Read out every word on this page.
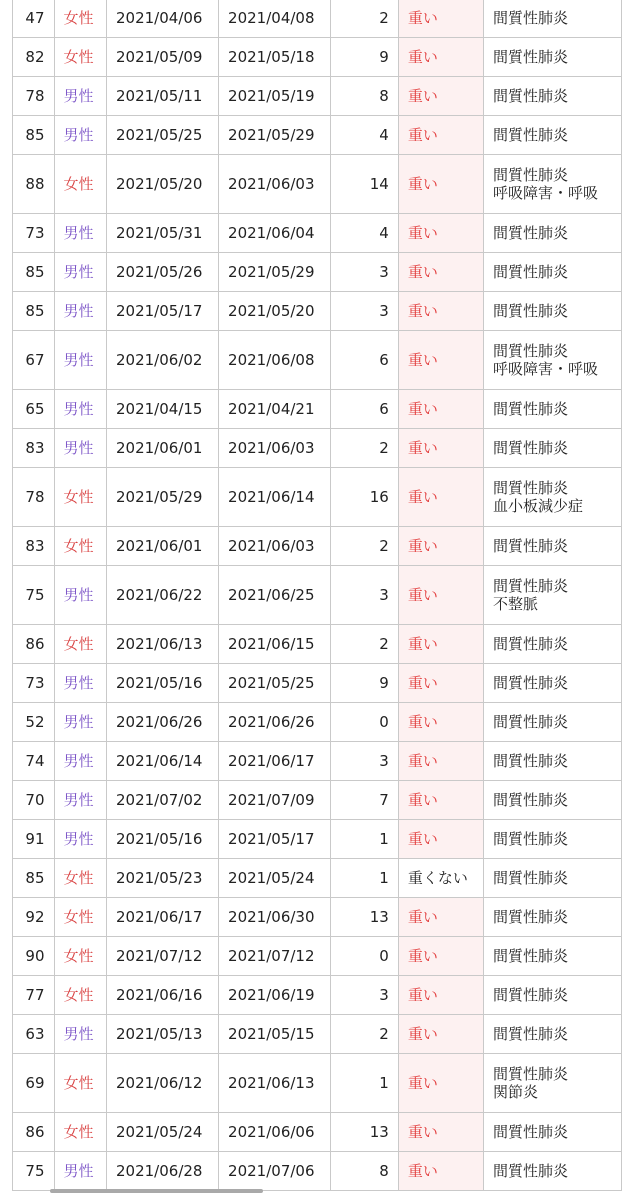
47	女性	2021/04/06	2021/04/08	2	重い	間質性肺炎

82	女性	2021/05/09	2021/05/18	9	重い	間質性肺炎

78	男性	2021/05/11	2021/05/19	8	重い	間質性肺炎

85	男性	2021/05/25	2021/05/29	4	重い	間質性肺炎

88	女性	2021/05/20	2021/06/03	14	重い	間質性肺炎
呼吸障害・呼吸

73	男性	2021/05/31	2021/06/04	4	重い	間質性肺炎

85	男性	2021/05/26	2021/05/29	3	重い	間質性肺炎

85	男性	2021/05/17	2021/05/20	3	重い	間質性肺炎

67	男性	2021/06/02	2021/06/08	6	重い	間質性肺炎
呼吸障害・呼吸

65	男性	2021/04/15	2021/04/21	6	重い	間質性肺炎

83	男性	2021/06/01	2021/06/03	2	重い	間質性肺炎

78	女性	2021/05/29	2021/06/14	16	重い	間質性肺炎
血小板減少症

83	女性	2021/06/01	2021/06/03	2	重い	間質性肺炎

75	男性	2021/06/22	2021/06/25	3	重い	間質性肺炎
不整脈

86	女性	2021/06/13	2021/06/15	2	重い	間質性肺炎

73	男性	2021/05/16	2021/05/25	9	重い	間質性肺炎

52	男性	2021/06/26	2021/06/26	0	重い	間質性肺炎

74	男性	2021/06/14	2021/06/17	3	重い	間質性肺炎

70	男性	2021/07/02	2021/07/09	7	重い	間質性肺炎

91	男性	2021/05/16	2021/05/17	1	重い	間質性肺炎

85	女性	2021/05/23	2021/05/24	1	重くない	間質性肺炎

92	女性	2021/06/17	2021/06/30	13	重い	間質性肺炎

90	女性	2021/07/12	2021/07/12	0	重い	間質性肺炎

77	女性	2021/06/16	2021/06/19	3	重い	間質性肺炎

63	男性	2021/05/13	2021/05/15	2	重い	間質性肺炎

69	女性	2021/06/12	2021/06/13	1	重い	間質性肺炎
関節炎

86	女性	2021/05/24	2021/06/06	13	重い	間質性肺炎

75	男性	2021/06/28	2021/07/06	8	重い	間質性肺炎
